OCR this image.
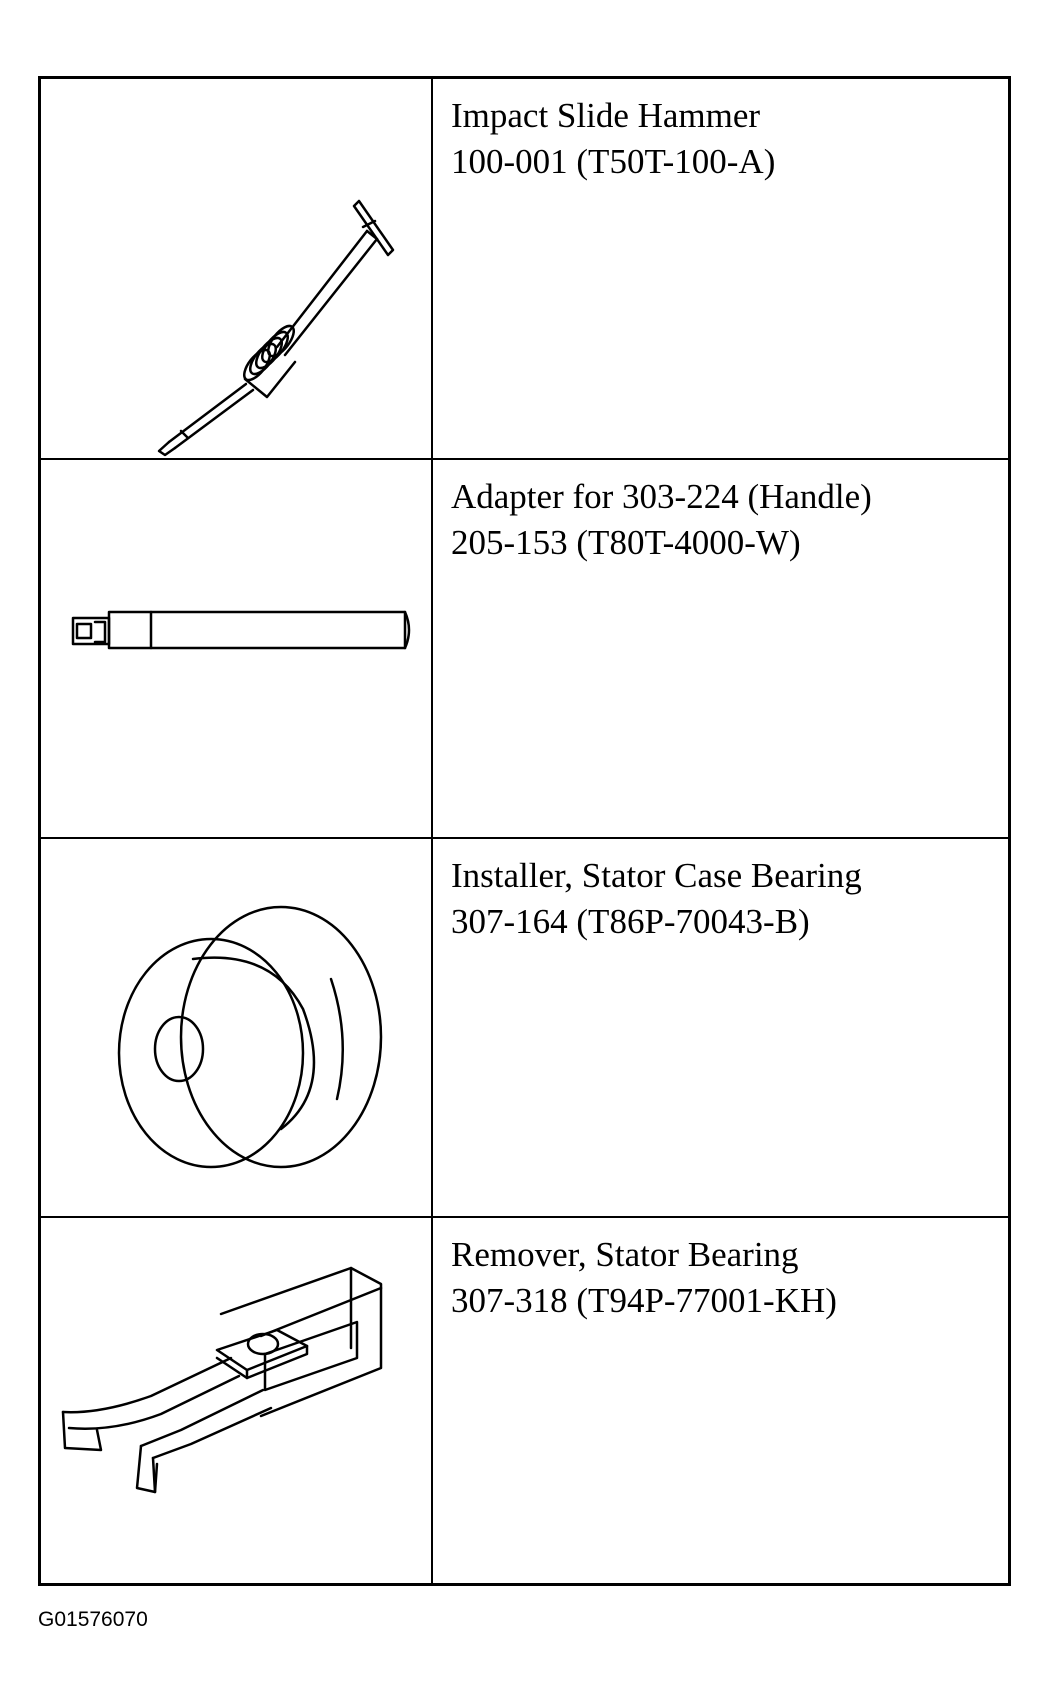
Impact Slide Hammer
100-001 (T50T-100-A)
Adapter for 303-224 (Handle)
205-153 (T80T-4000-W)
Installer, Stator Case Bearing
307-164 (T86P-70043-B)
Remover, Stator Bearing
307-318 (T94P-77001-KH)
G01576070
